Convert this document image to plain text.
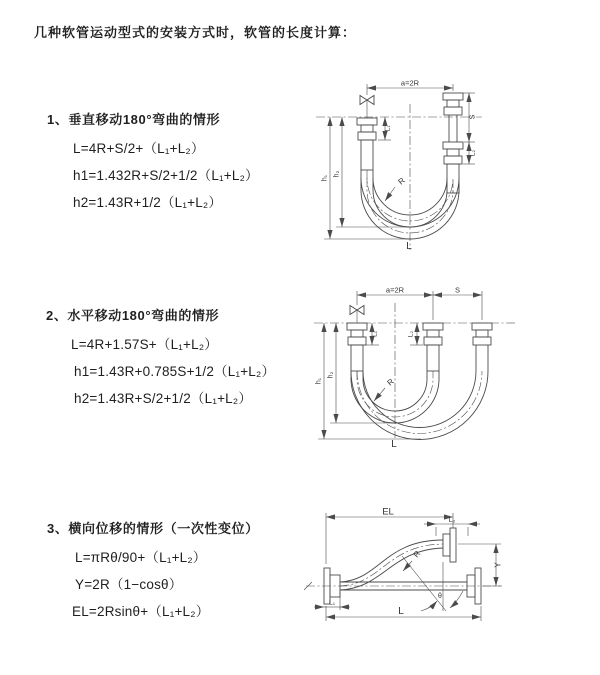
几种软管运动型式的安装方式时，软管的长度计算：
1、垂直移动180°弯曲的情形
L=4R+S/2+（L₁+L₂）
h1=1.432R+S/2+1/2（L₁+L₂）
h2=1.43R+1/2（L₁+L₂）
2、水平移动180°弯曲的情形
L=4R+1.57S+（L₁+L₂）
h1=1.43R+0.785S+1/2（L₁+L₂）
h2=1.43R+S/2+1/2（L₁+L₂）
3、横向位移的情形（一次性变位）
L=πRθ/90+（L₁+L₂）
Y=2R（1−cosθ）
EL=2Rsinθ+（L₁+L₂）
a=2R
S
L₂
L₁
h₁
h₂
R
L
a=2R	S
L₁	L₂
h₁
h₂
R
L
EL
L₂
Y
L
L₁
R
θ
